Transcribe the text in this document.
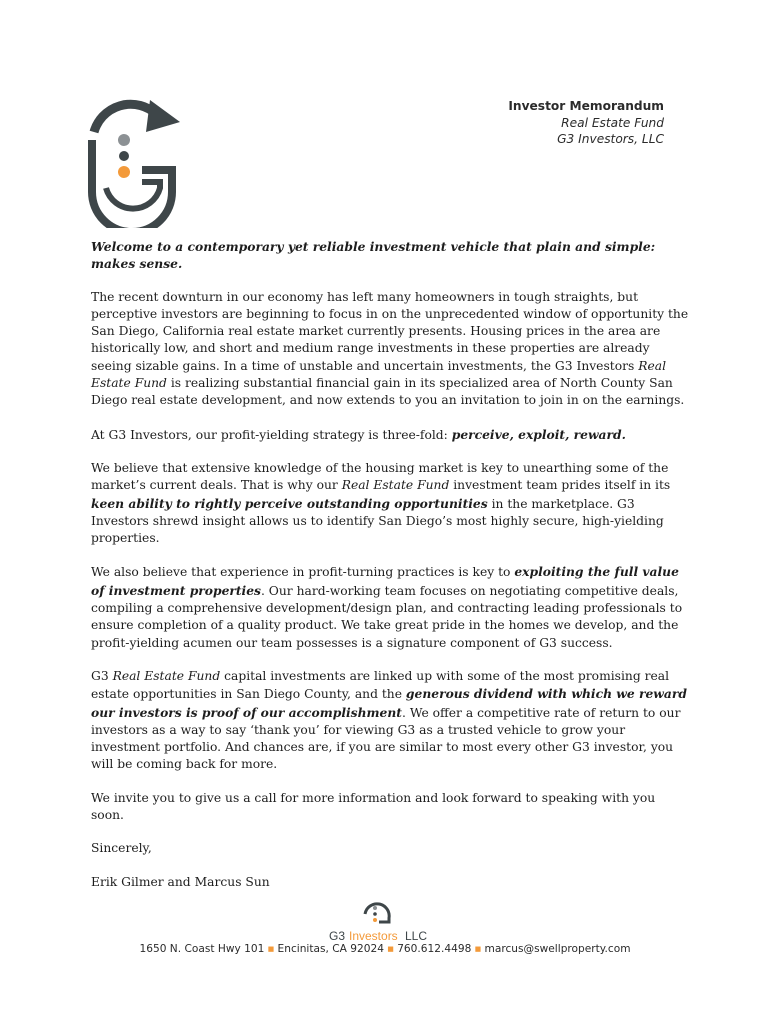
Investor Memorandum
Real Estate Fund
G3 Investors, LLC

Welcome to a contemporary yet reliable investment vehicle that plain and simple: makes sense.

The recent downturn in our economy has left many homeowners in tough straights, but perceptive investors are beginning to focus in on the unprecedented window of opportunity the San Diego, California real estate market currently presents. Housing prices in the area are historically low, and short and medium range investments in these properties are already seeing sizable gains. In a time of unstable and uncertain investments, the G3 Investors Real Estate Fund is realizing substantial financial gain in its specialized area of North County San Diego real estate development, and now extends to you an invitation to join in on the earnings.

At G3 Investors, our profit-yielding strategy is three-fold: perceive, exploit, reward.

We believe that extensive knowledge of the housing market is key to unearthing some of the market’s current deals. That is why our Real Estate Fund investment team prides itself in its keen ability to rightly perceive outstanding opportunities in the marketplace. G3 Investors shrewd insight allows us to identify San Diego’s most highly secure, high-yielding properties.

We also believe that experience in profit-turning practices is key to exploiting the full value of investment properties. Our hard-working team focuses on negotiating competitive deals, compiling a comprehensive development/design plan, and contracting leading professionals to ensure completion of a quality product. We take great pride in the homes we develop, and the profit-yielding acumen our team possesses is a signature component of G3 success.

G3 Real Estate Fund capital investments are linked up with some of the most promising real estate opportunities in San Diego County, and the generous dividend with which we reward our investors is proof of our accomplishment. We offer a competitive rate of return to our investors as a way to say ‘thank you’ for viewing G3 as a trusted vehicle to grow your investment portfolio. And chances are, if you are similar to most every other G3 investor, you will be coming back for more.

We invite you to give us a call for more information and look forward to speaking with you soon.

Sincerely,

Erik Gilmer and Marcus Sun

G3 Investors LLC
1650 N. Coast Hwy 101 ▪ Encinitas, CA 92024 ▪ 760.612.4498 ▪ marcus@swellproperty.com
